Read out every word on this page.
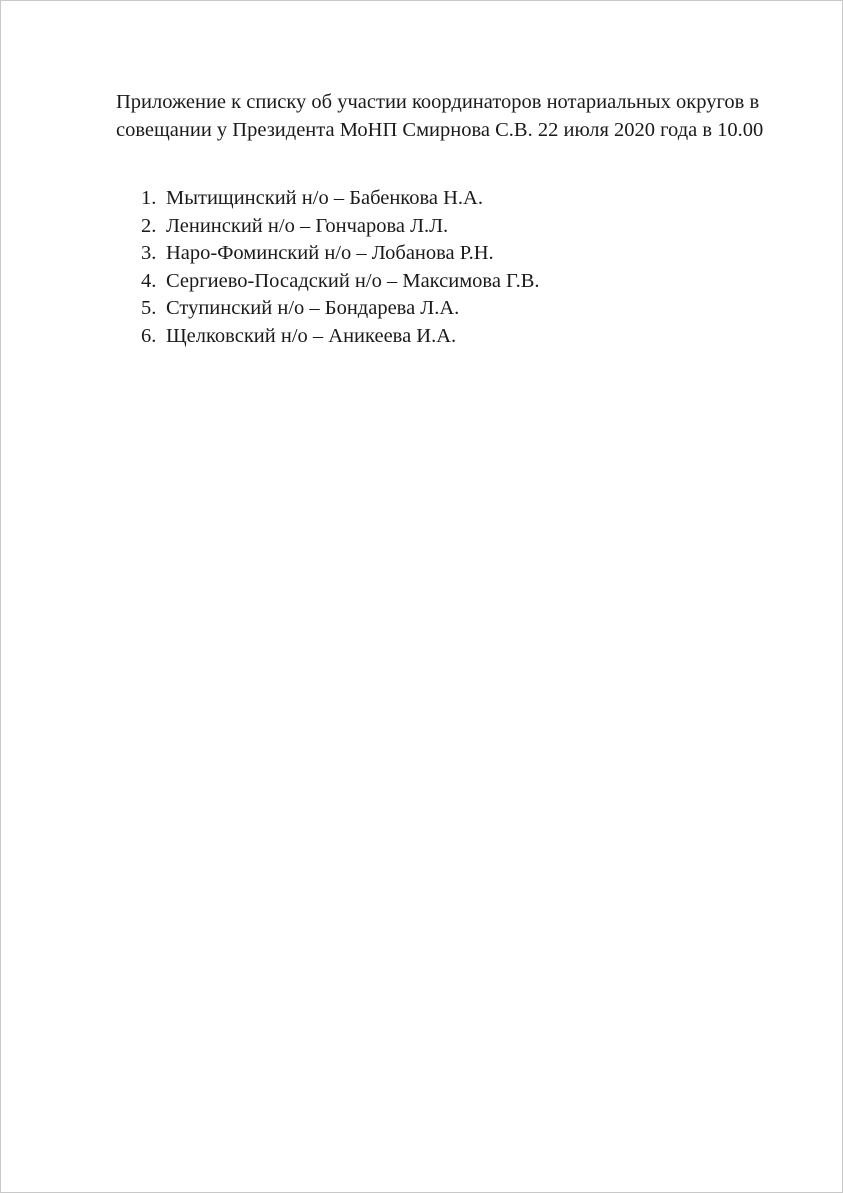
Приложение к списку об участии координаторов нотариальных округов в совещании у Президента МоНП Смирнова С.В. 22 июля 2020 года в 10.00
1. Мытищинский н/о – Бабенкова Н.А.
2. Ленинский н/о – Гончарова Л.Л.
3. Наро-Фоминский н/о – Лобанова Р.Н.
4. Сергиево-Посадский н/о – Максимова Г.В.
5. Ступинский н/о – Бондарева Л.А.
6. Щелковский н/о – Аникеева И.А.
